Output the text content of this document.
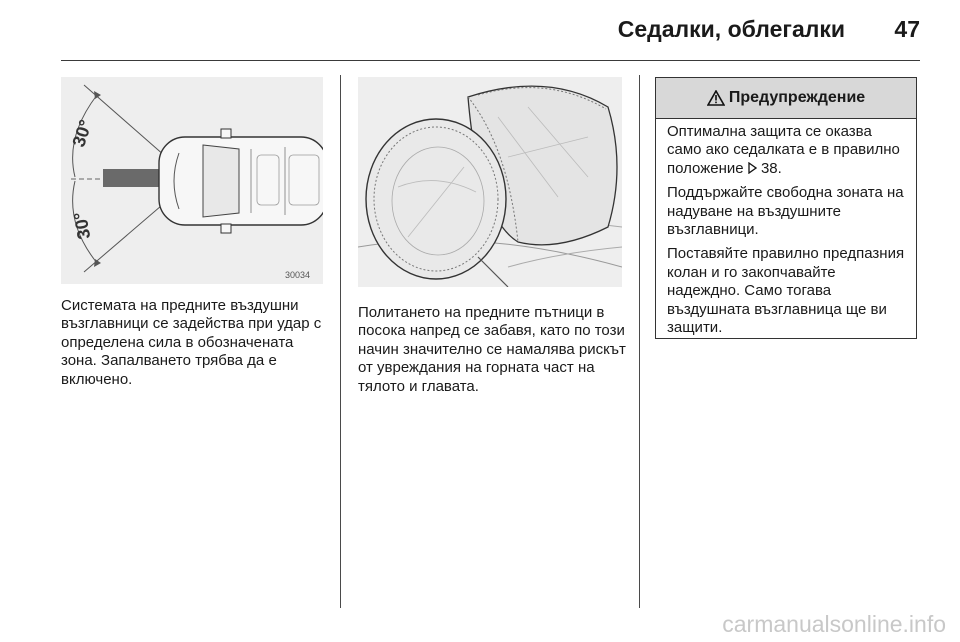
Седалки, облегалки 47
30°
30°
30034

Системата на предните въздушни възглавници се задейства при удар с определена сила в обозначената зона. Запалването трябва да е включено.

Политането на предните пътници в посока напред се забавя, като по този начин значително се намалява рискът от увреждания на горната част на тялото и главата.

Предупреждение

Оптимална защита се оказва само ако седалката е в правилно положение  38.

Поддържайте свободна зоната на надуване на въздушните възглавници.

Поставяйте правилно предпазния колан и го закопчавайте надеждно. Само тогава въздушната възглавница ще ви защити.

carmanualsonline.info
